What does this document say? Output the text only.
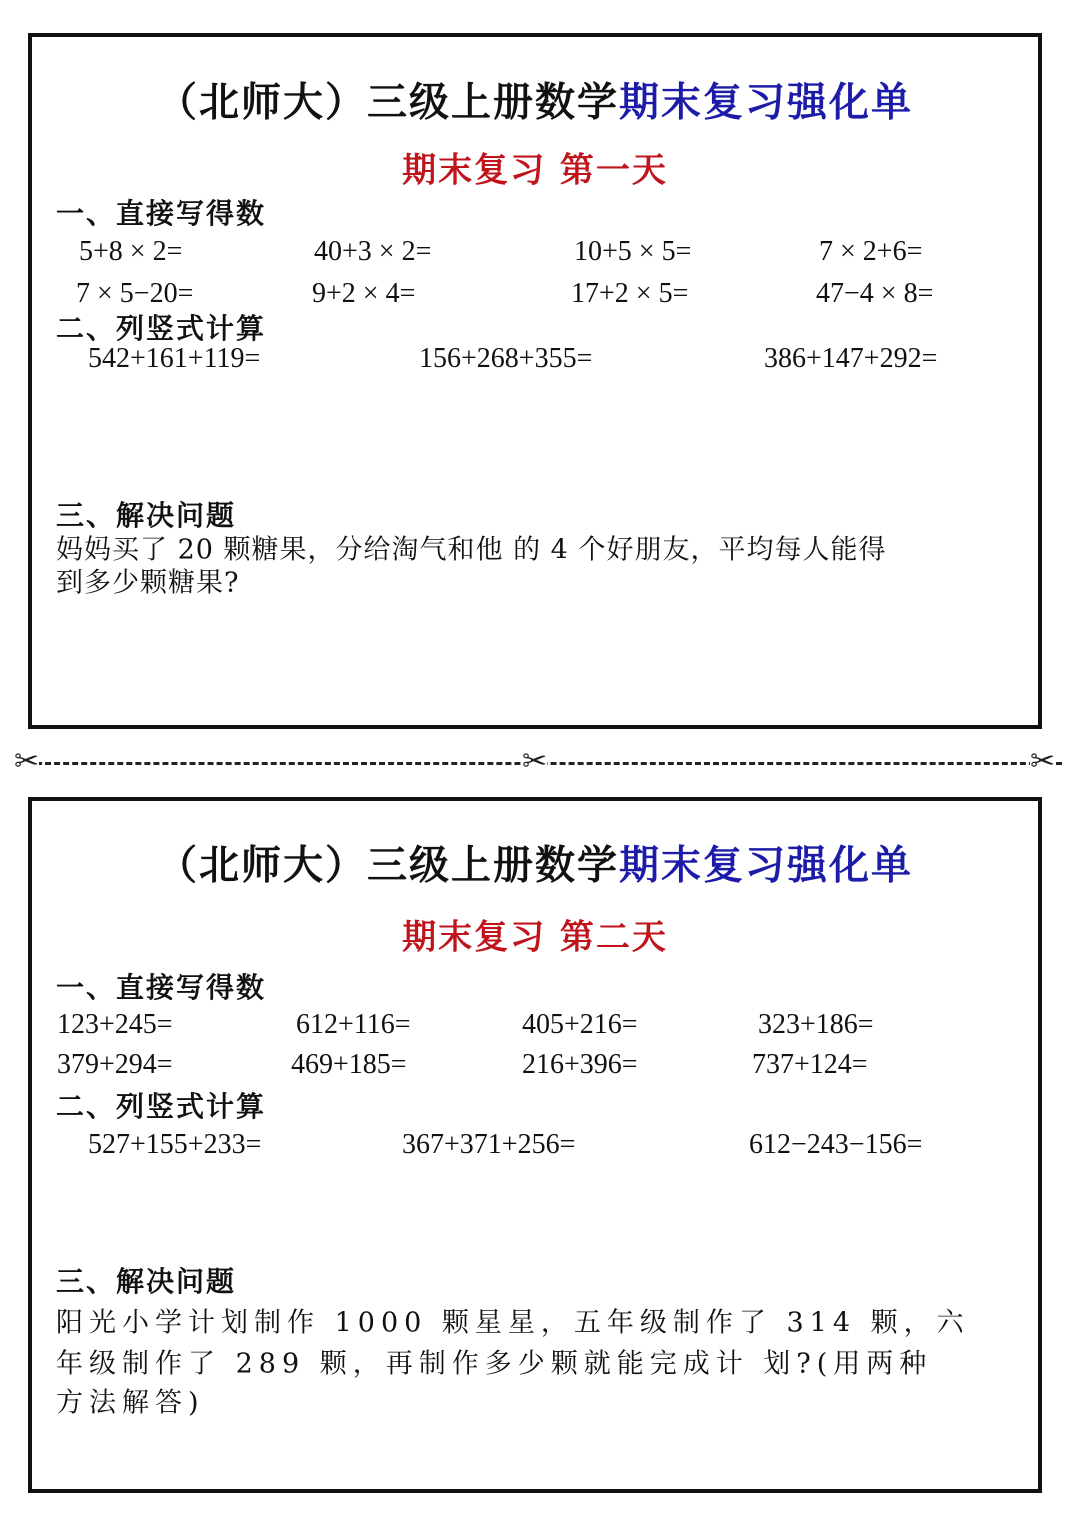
（北师大）三级上册数学期末复习强化单
期末复习 第一天
一、直接写得数
5+8 × 2=	40+3 × 2=	10+5 × 5=	7 × 2+6=
7 × 5−20=	9+2 × 4=	17+2 × 5=	47−4 × 8=
二、列竖式计算
542+161+119=	156+268+355=	386+147+292=
三、解决问题
妈妈买了 20 颗糖果，分给淘气和他 的 4 个好朋友，平均每人能得
到多少颗糖果?
✂	✂	✂
（北师大）三级上册数学期末复习强化单
期末复习 第二天
一、直接写得数
123+245=	612+116=	405+216=	323+186=
379+294=	469+185=	216+396=	737+124=
二、列竖式计算
527+155+233=	367+371+256=	612−243−156=
三、解决问题
阳光小学计划制作 1000 颗星星，五年级制作了 314 颗，六
年级制作了 289 颗，再制作多少颗就能完成计 划?(用两种
方法解答)
